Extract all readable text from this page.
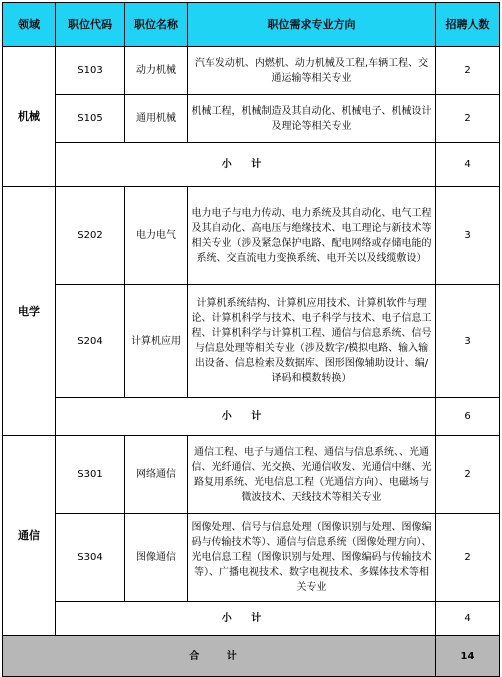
领域	职位代码	职位名称	职位需求专业方向	招聘人数
机械	S103	动力机械	汽车发动机、内燃机、动力机械及工程,车辆工程、交通运输等相关专业	2
	S105	通用机械	机械工程，机械制造及其自动化、机械电子、机械设计及理论等相关专业	2
	小 计			4
电学	S202	电力电气	电力电子与电力传动、电力系统及其自动化、电气工程及其自动化、高电压与绝缘技术、电工理论与新技术等相关专业（涉及紧急保护电路、配电网络或存储电能的系统、交直流电力变换系统、电开关以及线缆敷设）	3
	S204	计算机应用	计算机系统结构、计算机应用技术、计算机软件与理论、计算机科学与技术、电子科学与技术、电子信息工程、计算机科学与计算机工程、通信与信息系统、信号与信息处理等相关专业（涉及数字/模拟电路、输入输出设备、信息检索及数据库、图形图像辅助设计、编/译码和模数转换）	3
	小 计			6
通信	S301	网络通信	通信工程、电子与通信工程、通信与信息系统、、光通信、光纤通信、光交换、光通信收发、光通信中继、光路复用系统、光电信息工程（光通信方向）、电磁场与微波技术、天线技术等相关专业	2
	S304	图像通信	图像处理、信号与信息处理（图像识别与处理、图像编码与传输技术等）、通信与信息系统（图像处理方向）、光电信息工程（图像识别与处理、图像编码与传输技术等）、广播电视技术、数字电视技术、多媒体技术等相关专业	2
	小 计			4
合 计				14
